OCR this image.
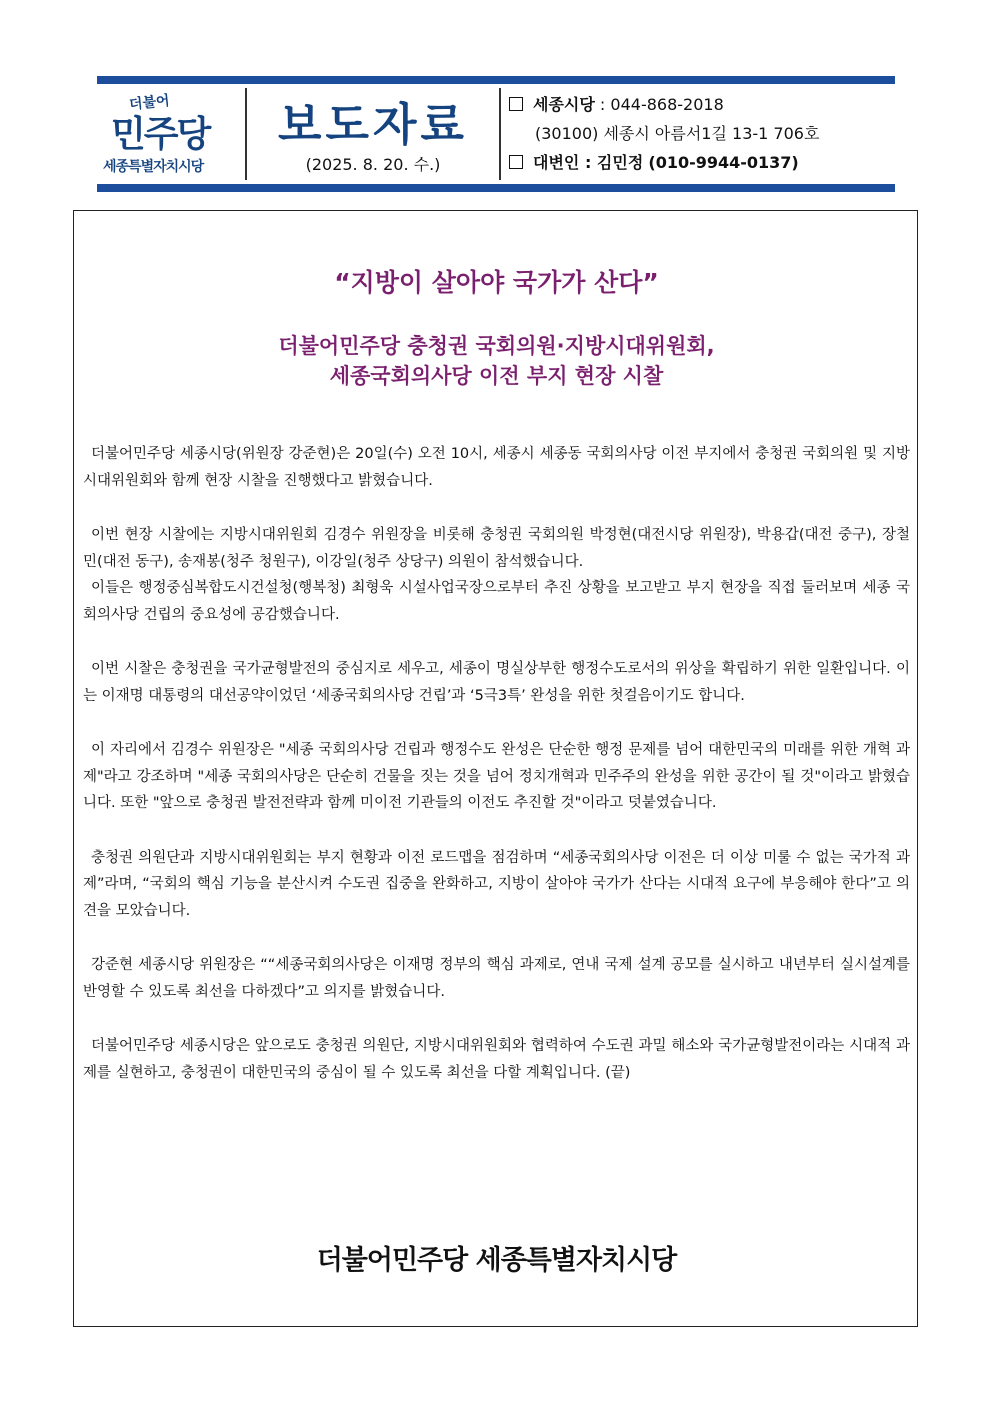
더불어
민주당
세종특별자치시당
보도자료
(2025. 8. 20. 수.)
세종시당 : 044-868-2018
(30100) 세종시 아름서1길 13-1 706호
대변인 : 김민정 (010-9944-0137)
“지방이 살아야 국가가 산다”
더불어민주당 충청권 국회의원·지방시대위원회,
세종국회의사당 이전 부지 현장 시찰

더불어민주당 세종시당(위원장 강준현)은 20일(수) 오전 10시, 세종시 세종동 국회의사당 이전 부지에서 충청권 국회의원 및 지방시대위원회와 함께 현장 시찰을 진행했다고 밝혔습니다.

이번 현장 시찰에는 지방시대위원회 김경수 위원장을 비롯해 충청권 국회의원 박정현(대전시당 위원장), 박용갑(대전 중구), 장철민(대전 동구), 송재봉(청주 청원구), 이강일(청주 상당구) 의원이 참석했습니다.

이들은 행정중심복합도시건설청(행복청) 최형욱 시설사업국장으로부터 추진 상황을 보고받고 부지 현장을 직접 둘러보며 세종 국회의사당 건립의 중요성에 공감했습니다.

이번 시찰은 충청권을 국가균형발전의 중심지로 세우고, 세종이 명실상부한 행정수도로서의 위상을 확립하기 위한 일환입니다. 이는 이재명 대통령의 대선공약이었던 ‘세종국회의사당 건립’과 ‘5극3특’ 완성을 위한 첫걸음이기도 합니다.

이 자리에서 김경수 위원장은 "세종 국회의사당 건립과 행정수도 완성은 단순한 행정 문제를 넘어 대한민국의 미래를 위한 개혁 과제"라고 강조하며 "세종 국회의사당은 단순히 건물을 짓는 것을 넘어 정치개혁과 민주주의 완성을 위한 공간이 될 것"이라고 밝혔습니다. 또한 "앞으로 충청권 발전전략과 함께 미이전 기관들의 이전도 추진할 것"이라고 덧붙였습니다.

충청권 의원단과 지방시대위원회는 부지 현황과 이전 로드맵을 점검하며 “세종국회의사당 이전은 더 이상 미룰 수 없는 국가적 과제”라며, “국회의 핵심 기능을 분산시켜 수도권 집중을 완화하고, 지방이 살아야 국가가 산다는 시대적 요구에 부응해야 한다”고 의견을 모았습니다.

강준현 세종시당 위원장은 ““세종국회의사당은 이재명 정부의 핵심 과제로, 연내 국제 설계 공모를 실시하고 내년부터 실시설계를 반영할 수 있도록 최선을 다하겠다”고 의지를 밝혔습니다.

더불어민주당 세종시당은 앞으로도 충청권 의원단, 지방시대위원회와 협력하여 수도권 과밀 해소와 국가균형발전이라는 시대적 과제를 실현하고, 충청권이 대한민국의 중심이 될 수 있도록 최선을 다할 계획입니다. (끝)

더불어민주당 세종특별자치시당
